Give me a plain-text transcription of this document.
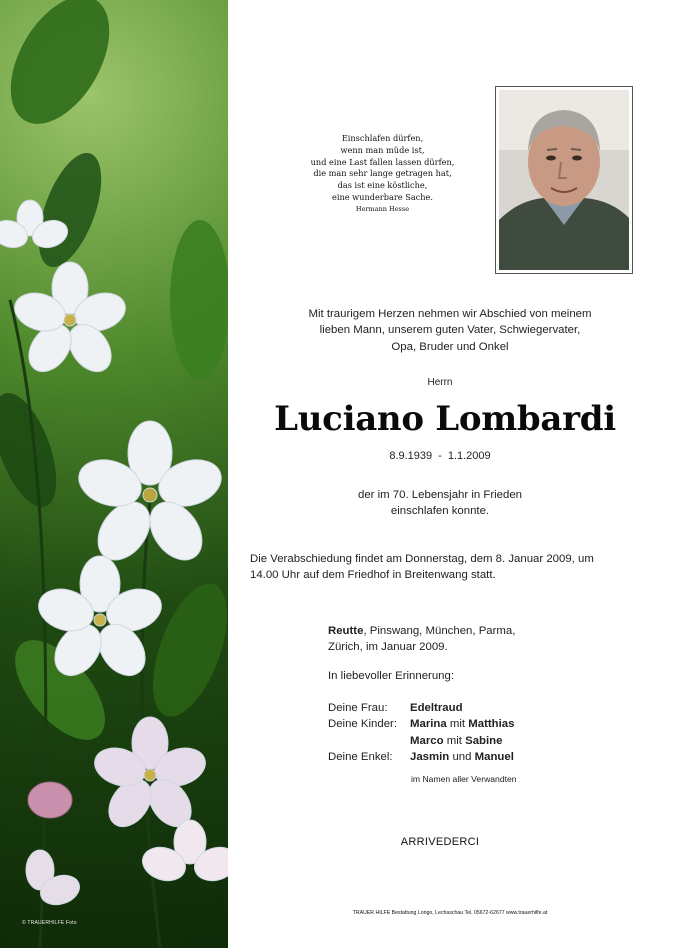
© TRAUERHILFE Foto
Einschlafen dürfen,
wenn man müde ist,
und eine Last fallen lassen dürfen,
die man sehr lange getragen hat,
das ist eine köstliche,
eine wunderbare Sache.
Hermann Hesse
Mit traurigem Herzen nehmen wir Abschied von meinem
lieben Mann, unserem guten Vater, Schwiegervater,
Opa, Bruder und Onkel
Herrn
Luciano Lombardi
8.9.1939 - 1.1.2009
der im 70. Lebensjahr in Frieden
einschlafen konnte.
Die Verabschiedung findet am Donnerstag, dem 8. Januar 2009, um
14.00 Uhr auf dem Friedhof in Breitenwang statt.
Reutte, Pinswang, München, Parma,
Zürich, im Januar 2009.
In liebevoller Erinnerung:
Deine Frau:	Edeltraud
Deine Kinder:	Marina mit Matthias
Marco mit Sabine
Deine Enkel:	Jasmin und Manuel
im Namen aller Verwandten
ARRIVEDERCI
TRAUER HILFE Bestattung Longo, Lechaschau Tel. 05672-62677 www.trauerhilfe.at
